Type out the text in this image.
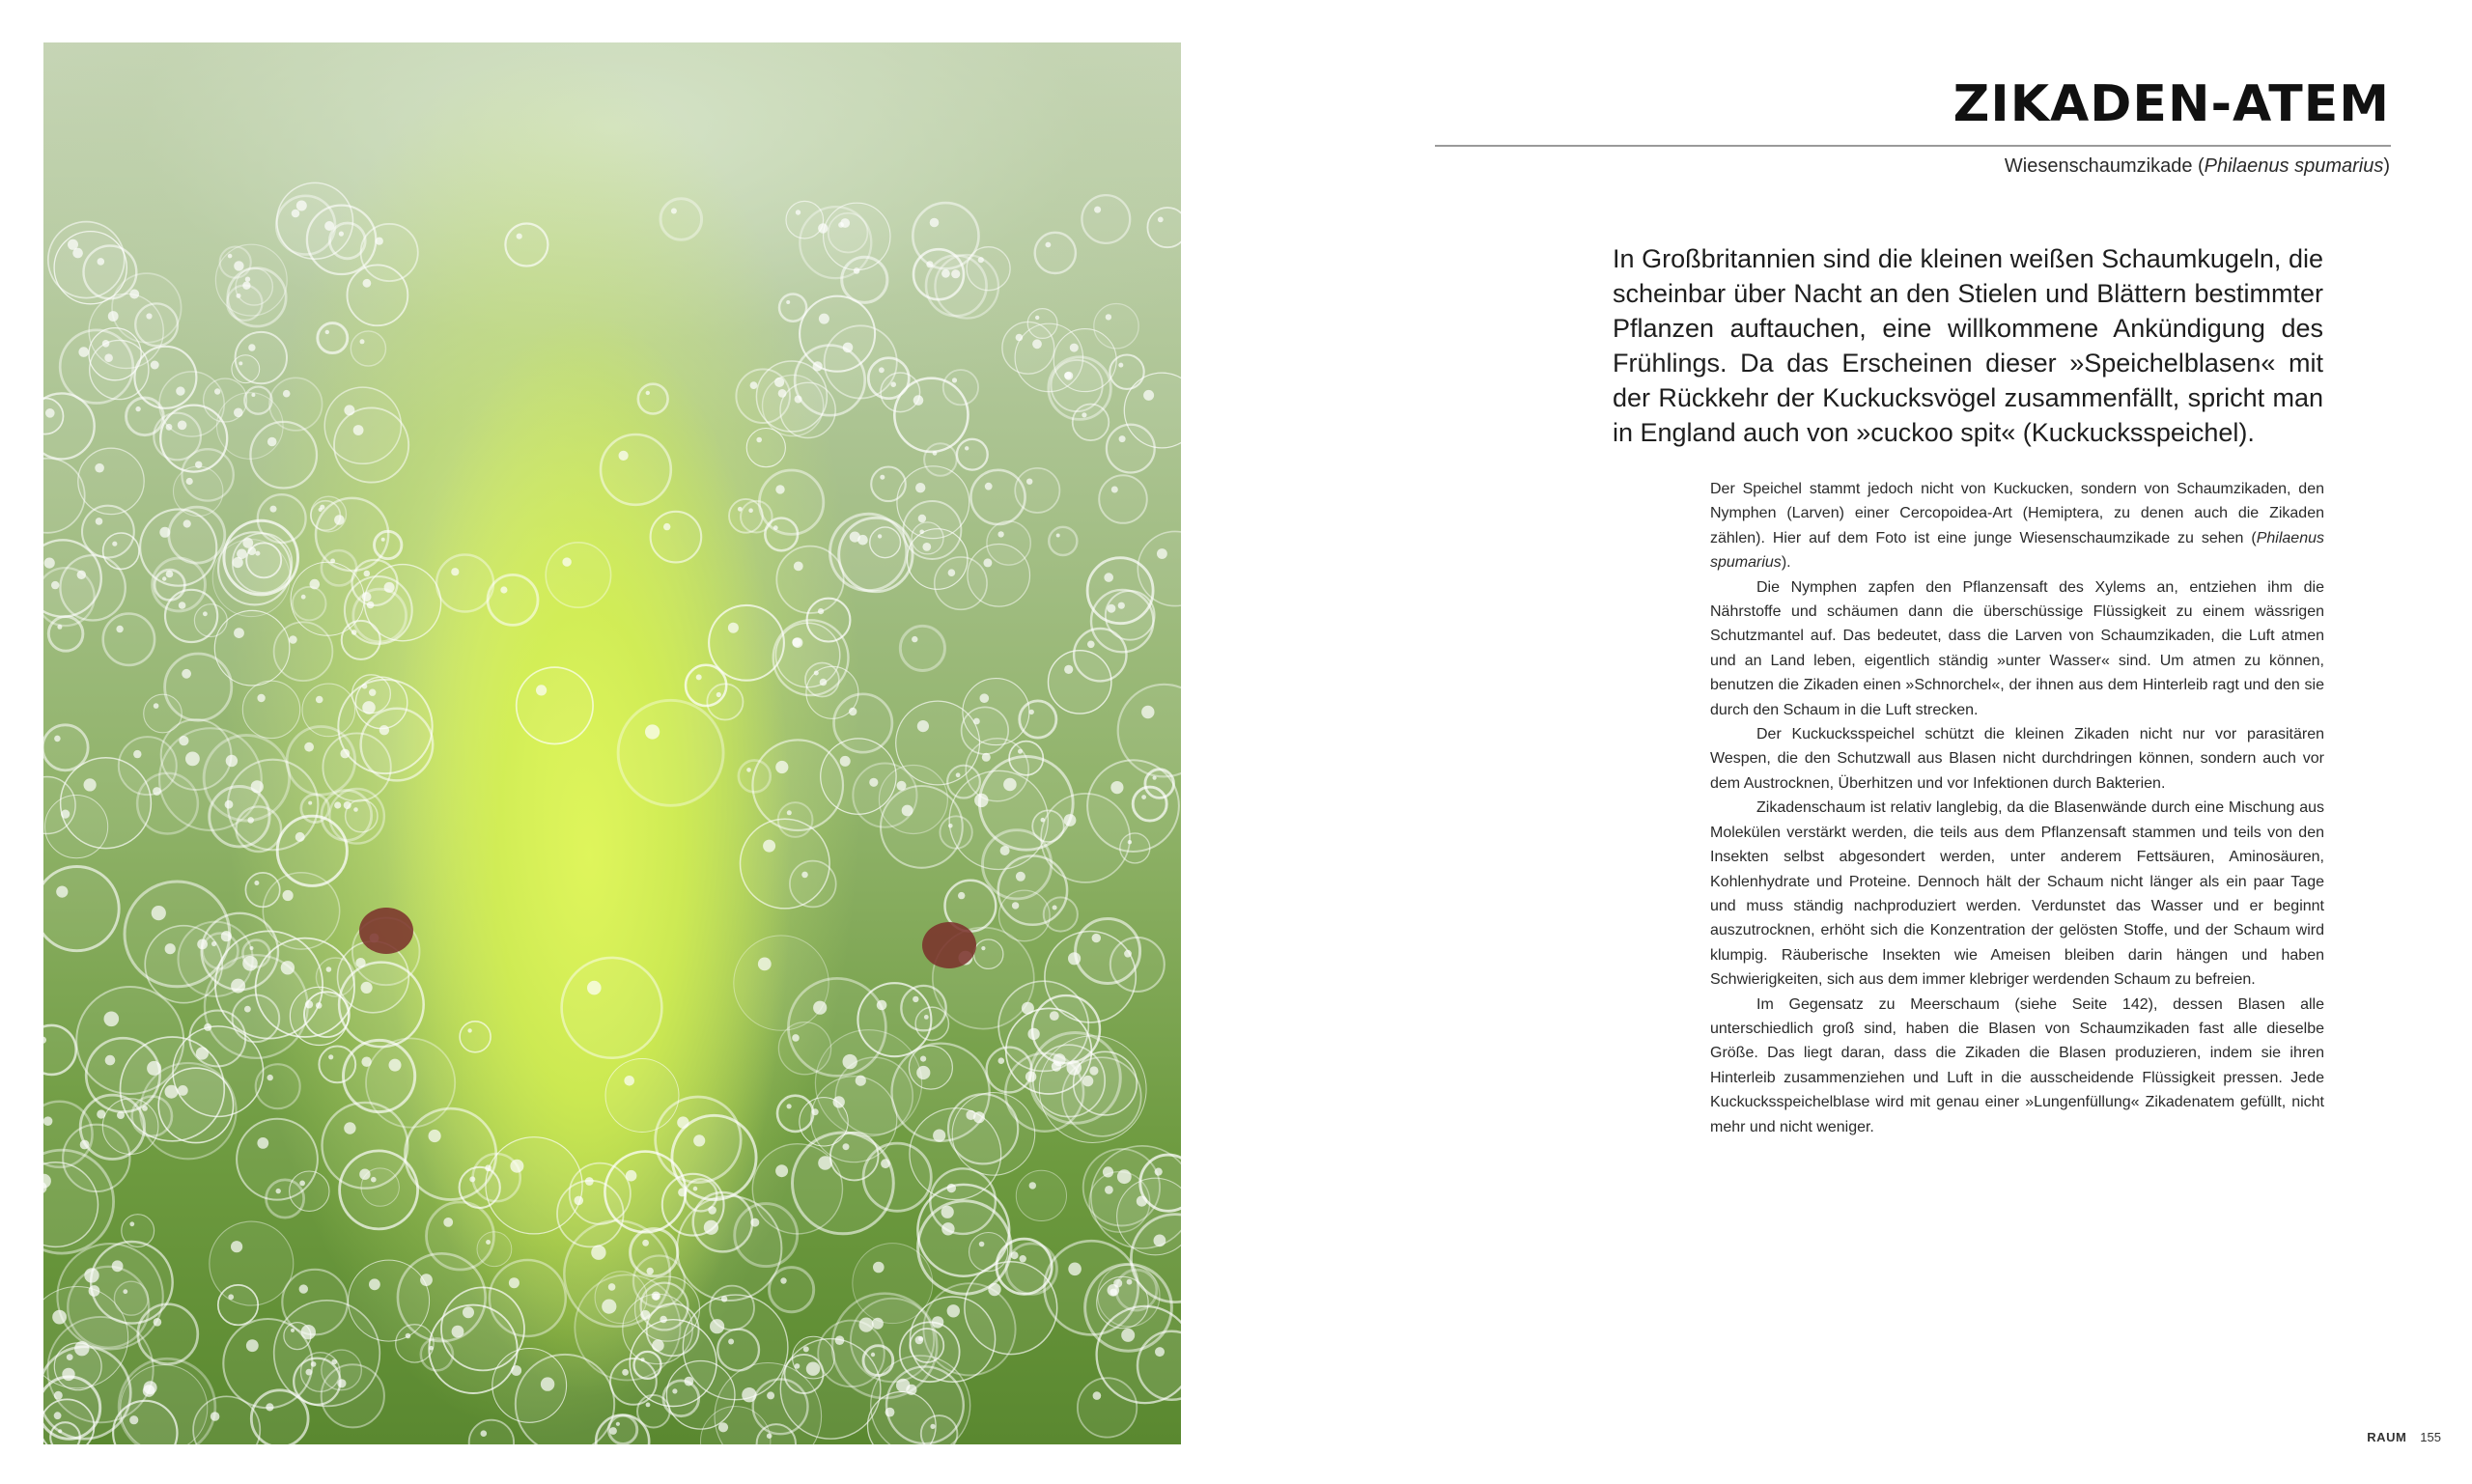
ZIKADEN-ATEM

Wiesenschaumzikade (Philaenus spumarius)

In Großbritannien sind die kleinen weißen Schaumkugeln, die scheinbar über Nacht an den Stielen und Blättern bestimmter Pflanzen auftauchen, eine willkommene Ankündigung des Frühlings. Da das Erscheinen dieser »Speichelblasen« mit der Rückkehr der Kuckucksvögel zusammenfällt, spricht man in England auch von »cuckoo spit« (Kuckucksspeichel).

Der Speichel stammt jedoch nicht von Kuckucken, sondern von Schaumzikaden, den Nymphen (Larven) einer Cercopoidea-Art (Hemiptera, zu denen auch die Zikaden zählen). Hier auf dem Foto ist eine junge Wiesenschaumzikade zu sehen (Philaenus spumarius).

Die Nymphen zapfen den Pflanzensaft des Xylems an, entziehen ihm die Nährstoffe und schäumen dann die überschüssige Flüssigkeit zu einem wässrigen Schutzmantel auf. Das bedeutet, dass die Larven von Schaumzikaden, die Luft atmen und an Land leben, eigentlich ständig »unter Wasser« sind. Um atmen zu können, benutzen die Zikaden einen »Schnorchel«, der ihnen aus dem Hinterleib ragt und den sie durch den Schaum in die Luft strecken.

Der Kuckucksspeichel schützt die kleinen Zikaden nicht nur vor parasitären Wespen, die den Schutzwall aus Blasen nicht durchdringen können, sondern auch vor dem Austrocknen, Überhitzen und vor Infektionen durch Bakterien.

Zikadenschaum ist relativ langlebig, da die Blasenwände durch eine Mischung aus Molekülen verstärkt werden, die teils aus dem Pflanzensaft stammen und teils von den Insekten selbst abgesondert werden, unter anderem Fettsäuren, Aminosäuren, Kohlenhydrate und Proteine. Dennoch hält der Schaum nicht länger als ein paar Tage und muss ständig nachproduziert werden. Verdunstet das Wasser und er beginnt auszutrocknen, erhöht sich die Konzentration der gelösten Stoffe, und der Schaum wird klumpig. Räuberische Insekten wie Ameisen bleiben darin hängen und haben Schwierigkeiten, sich aus dem immer klebriger werdenden Schaum zu befreien.

Im Gegensatz zu Meerschaum (siehe Seite 142), dessen Blasen alle unterschiedlich groß sind, haben die Blasen von Schaumzikaden fast alle dieselbe Größe. Das liegt daran, dass die Zikaden die Blasen produzieren, indem sie ihren Hinterleib zusammenziehen und Luft in die ausscheidende Flüssigkeit pressen. Jede Kuckucksspeichelblase wird mit genau einer »Lungenfüllung« Zikadenatem gefüllt, nicht mehr und nicht weniger.

RAUM 155
